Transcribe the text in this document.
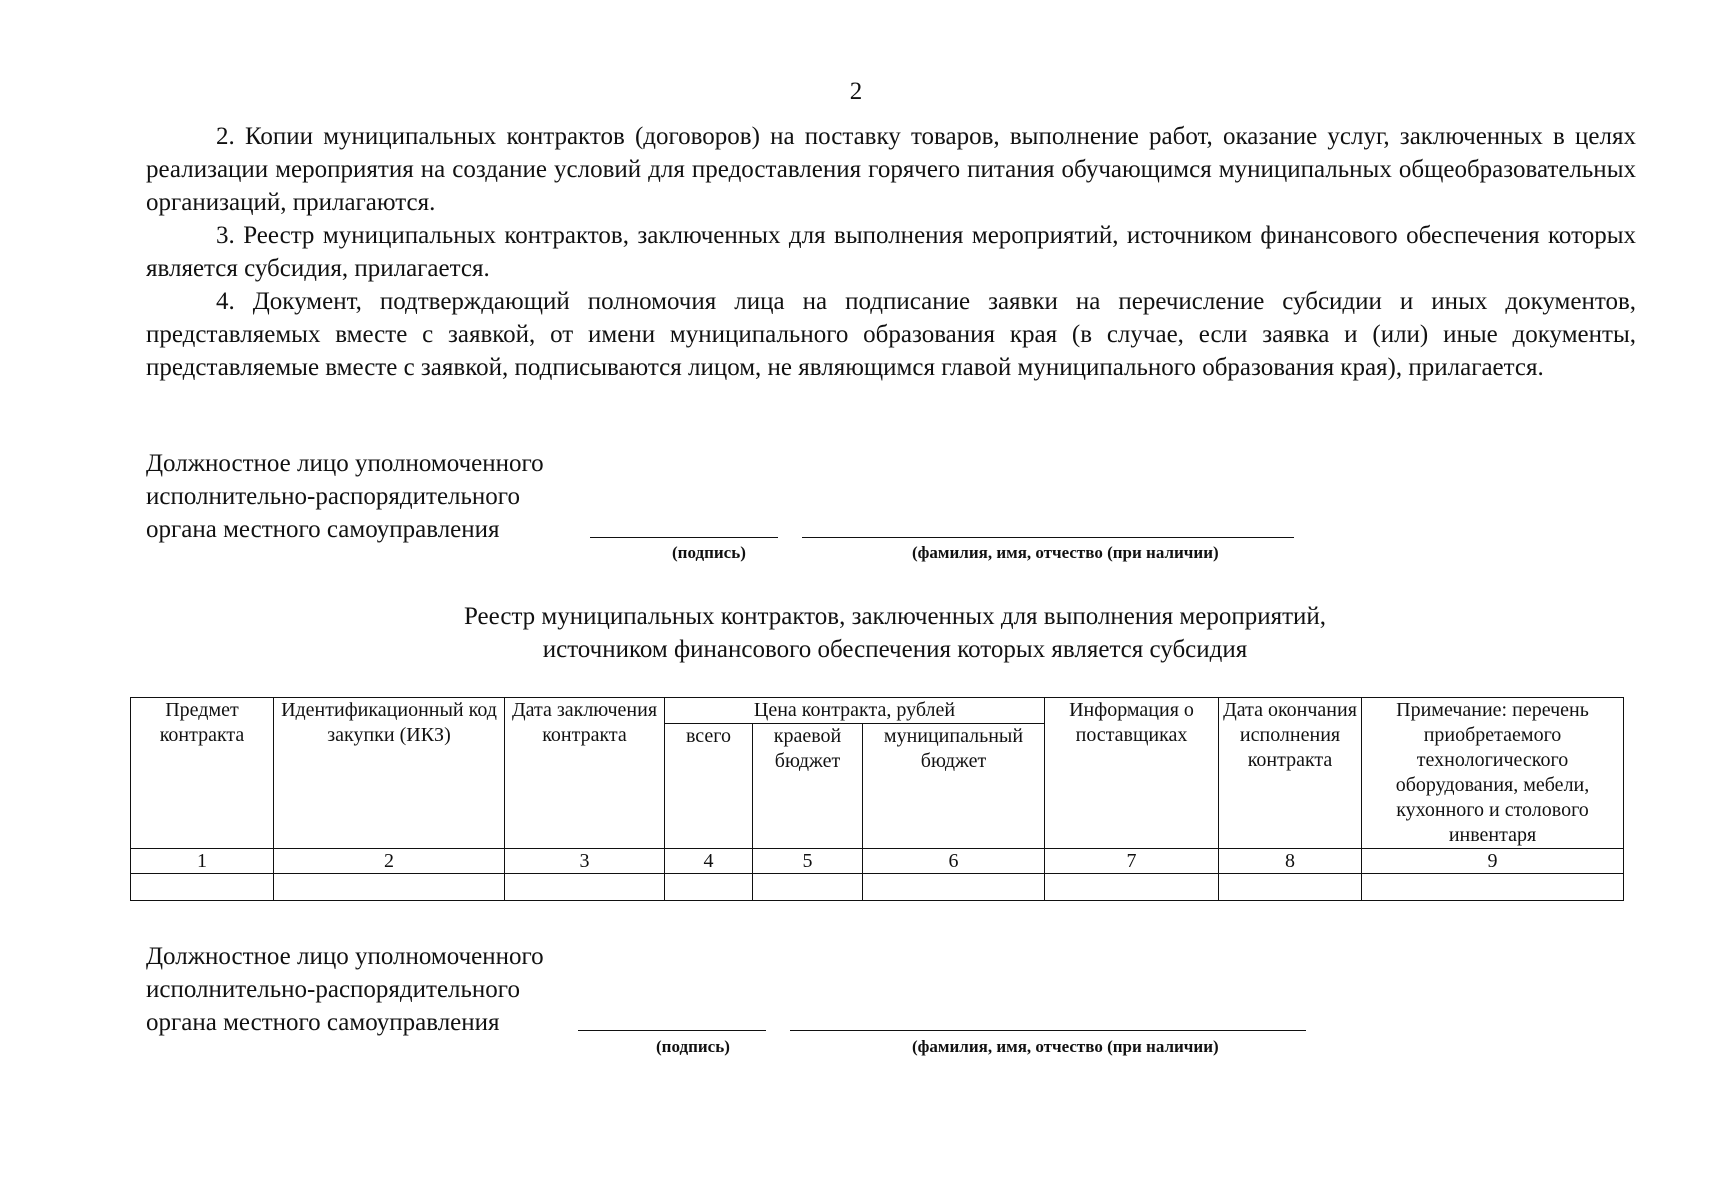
2

2. Копии муниципальных контрактов (договоров) на поставку товаров, выполнение работ, оказание услуг, заключенных в целях реализации мероприятия на создание условий для предоставления горячего питания обучающимся муниципальных общеобразовательных организаций, прилагаются.

3. Реестр муниципальных контрактов, заключенных для выполнения мероприятий, источником финансового обеспечения которых является субсидия, прилагается.

4. Документ, подтверждающий полномочия лица на подписание заявки на перечисление субсидии и иных документов, представляемых вместе с заявкой, от имени муниципального образования края (в случае, если заявка и (или) иные документы, представляемые вместе с заявкой, подписываются лицом, не являющимся главой муниципального образования края), прилагается.

Должностное лицо уполномоченного
исполнительно-распорядительного
органа местного самоуправления
(подпись)	(фамилия, имя, отчество (при наличии)
Реестр муниципальных контрактов, заключенных для выполнения мероприятий,
источником финансового обеспечения которых является субсидия
Предмет контракта	Идентификационный код закупки (ИКЗ)	Дата заключения контракта	Цена контракта, рублей			Информация о поставщиках	Дата окончания исполнения контракта	Примечание: перечень приобретаемого технологического оборудования, мебели, кухонного и столового инвентаря
			всего	краевой бюджет	муниципальный бюджет			
1	2	3	4	5	6	7	8	9

Должностное лицо уполномоченного
исполнительно-распорядительного
органа местного самоуправления
(подпись)	(фамилия, имя, отчество (при наличии)
